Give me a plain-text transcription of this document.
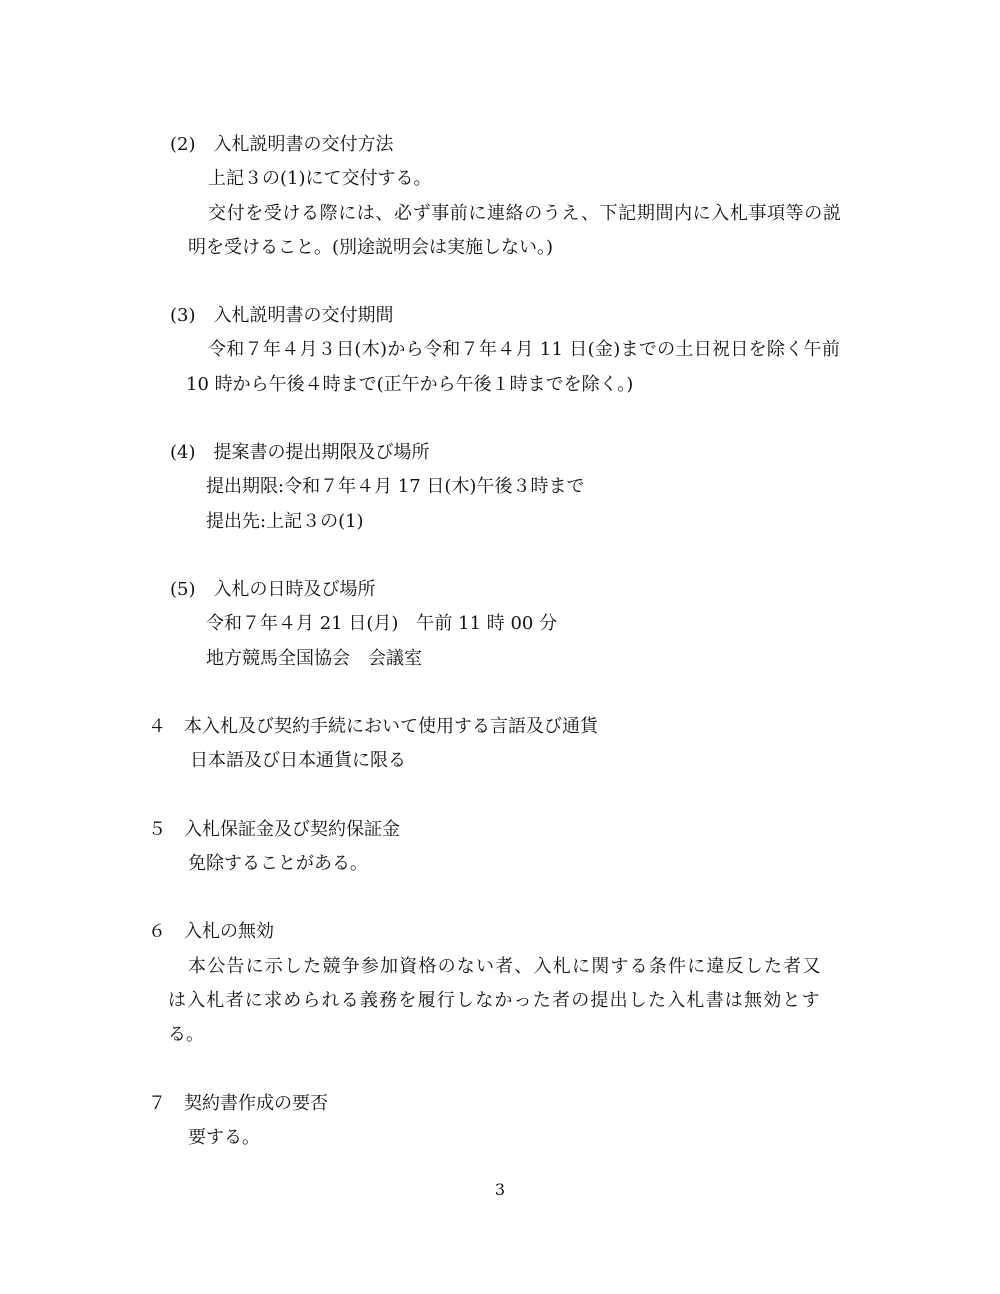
(2)　入札説明書の交付方法
上記３の(1)にて交付する。
交付を受ける際には、必ず事前に連絡のうえ、下記期間内に入札事項等の説
明を受けること。(別途説明会は実施しない。)
(3)　入札説明書の交付期間
令和７年４月３日(木)から令和７年４月 11 日(金)までの土日祝日を除く午前
10 時から午後４時まで(正午から午後１時までを除く。)
(4)　提案書の提出期限及び場所
提出期限:令和７年４月 17 日(木)午後３時まで
提出先:上記３の(1)
(5)　入札の日時及び場所
令和７年４月 21 日(月)　午前 11 時 00 分
地方競馬全国協会　会議室
４　本入札及び契約手続において使用する言語及び通貨
日本語及び日本通貨に限る
５　入札保証金及び契約保証金
免除することがある。
６　入札の無効
本公告に示した競争参加資格のない者、入札に関する条件に違反した者又
は入札者に求められる義務を履行しなかった者の提出した入札書は無効とす
る。
７　契約書作成の要否
要する。
3
